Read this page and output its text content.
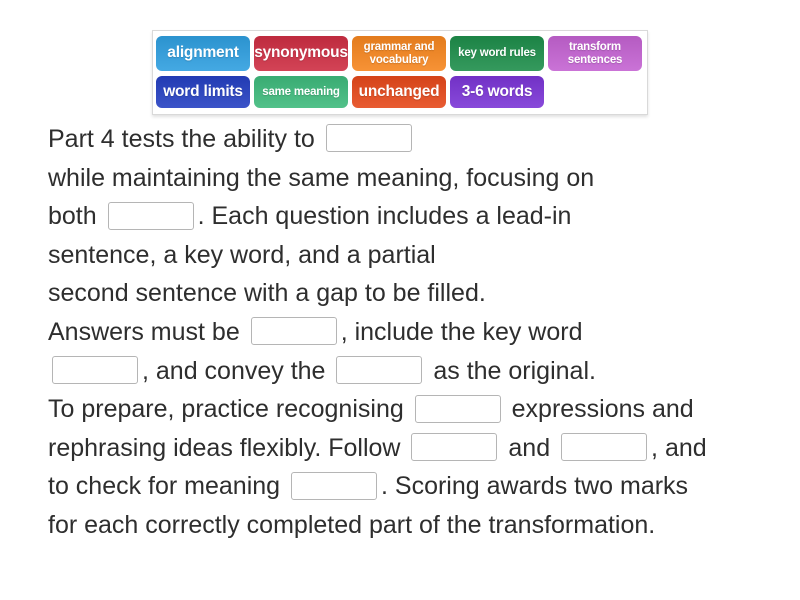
alignment	synonymous	grammar and vocabulary
key word rules
transform sentences
word limits	same meaning	unchanged	3-6 words
Part 4 tests the ability to
while maintaining the same meaning, focusing on
both	. Each question includes a lead-in
sentence, a key word, and a partial
second sentence with a gap to be filled.
Answers must be	, include the key word
, and convey the	as the original.
To prepare, practice recognising	expressions and
rephrasing ideas flexibly. Follow	and	, and
to check for meaning	. Scoring awards two marks
for each correctly completed part of the transformation.
